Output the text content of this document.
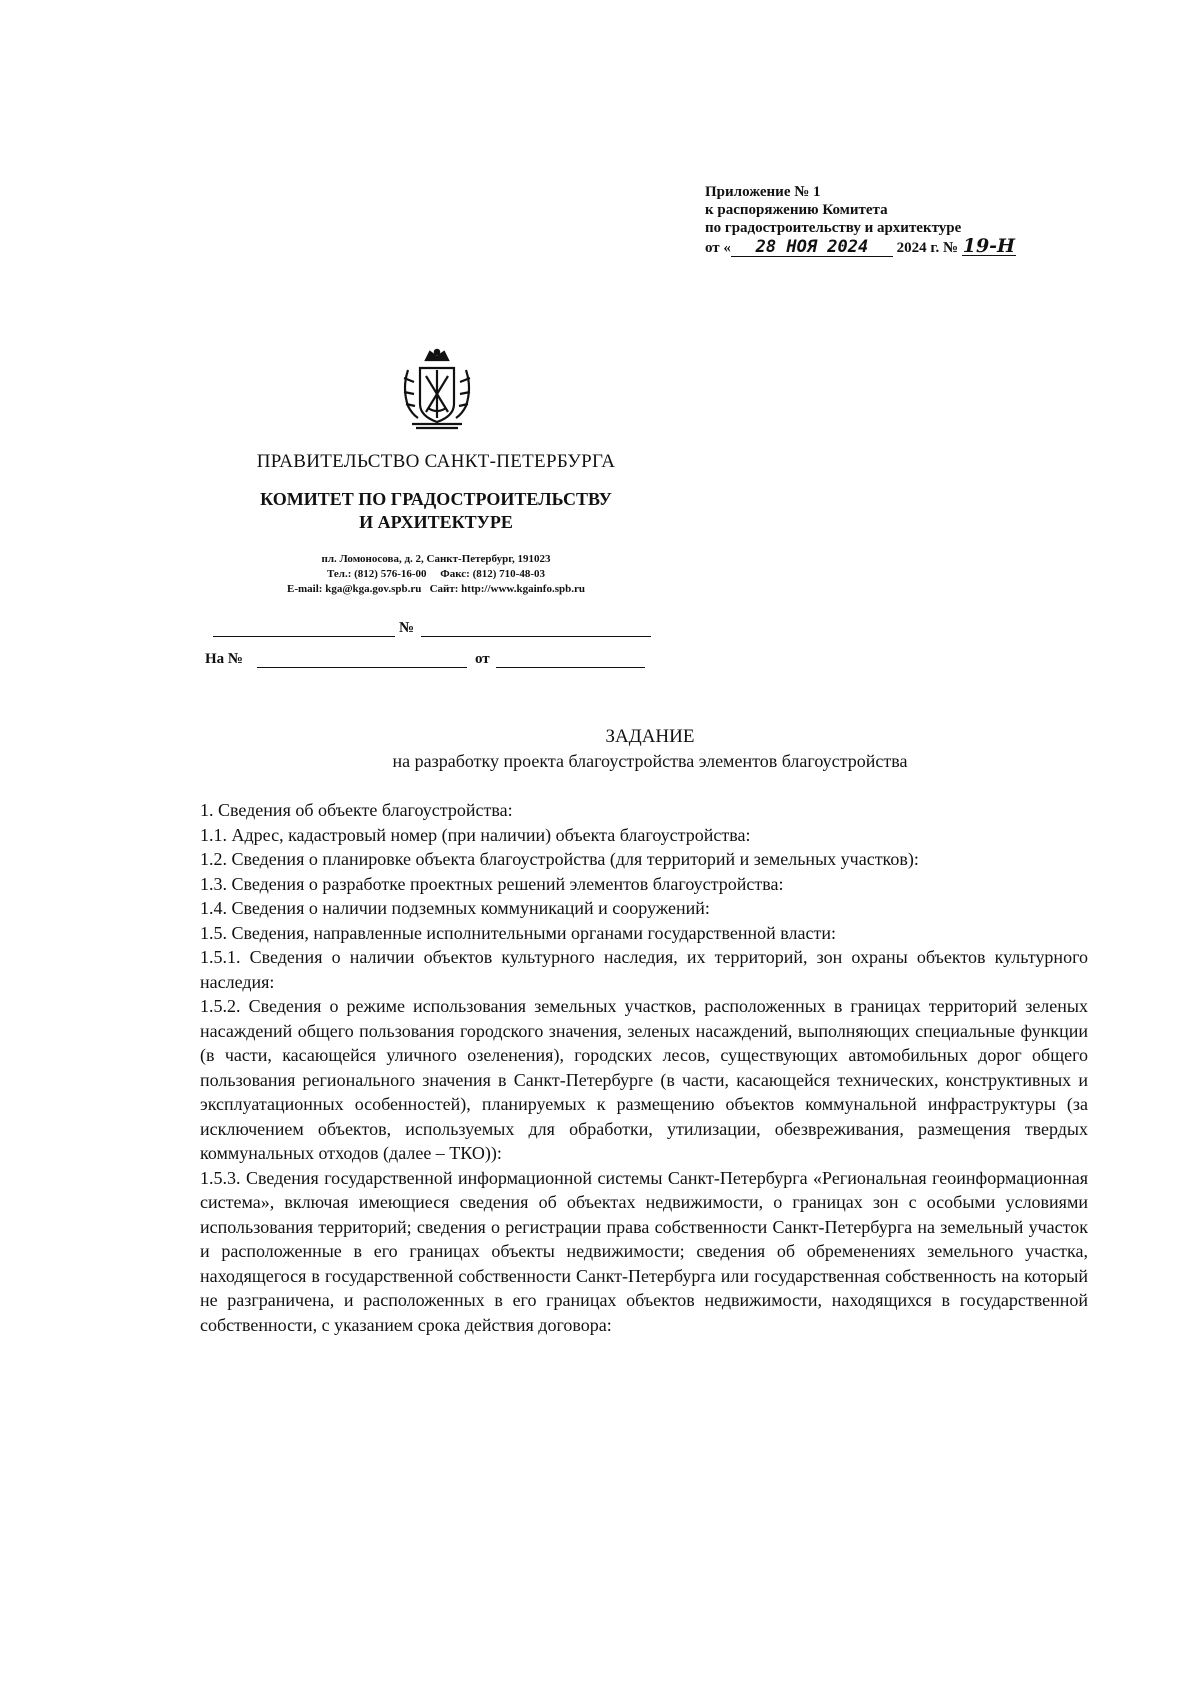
Приложение № 1
к распоряжению Комитета
по градостроительству и архитектуре
от « 28 НОЯ 2024 2024 г. № 19-Н
ПРАВИТЕЛЬСТВО САНКТ-ПЕТЕРБУРГА
КОМИТЕТ ПО ГРАДОСТРОИТЕЛЬСТВУ
И АРХИТЕКТУРЕ
пл. Ломоносова, д. 2, Санкт-Петербург, 191023
Тел.: (812) 576-16-00     Факс: (812) 710-48-03
E-mail: kga@kga.gov.spb.ru   Сайт: http://www.kgainfo.spb.ru
№
На №	от
ЗАДАНИЕ
на разработку проекта благоустройства элементов благоустройства

1. Сведения об объекте благоустройства:

1.1. Адрес, кадастровый номер (при наличии) объекта благоустройства:

1.2. Сведения о планировке объекта благоустройства (для территорий и земельных участков):

1.3. Сведения о разработке проектных решений элементов благоустройства:

1.4. Сведения о наличии подземных коммуникаций и сооружений:

1.5. Сведения, направленные исполнительными органами государственной власти:

1.5.1. Сведения о наличии объектов культурного наследия, их территорий, зон охраны объектов культурного наследия:

1.5.2. Сведения о режиме использования земельных участков, расположенных в границах территорий зеленых насаждений общего пользования городского значения, зеленых насаждений, выполняющих специальные функции (в части, касающейся уличного озеленения), городских лесов, существующих автомобильных дорог общего пользования регионального значения в Санкт-Петербурге (в части, касающейся технических, конструктивных и эксплуатационных особенностей), планируемых к размещению объектов коммунальной инфраструктуры (за исключением объектов, используемых для обработки, утилизации, обезвреживания, размещения твердых коммунальных отходов (далее – ТКО)):

1.5.3. Сведения государственной информационной системы Санкт-Петербурга «Региональная геоинформационная система», включая имеющиеся сведения об объектах недвижимости, о границах зон с особыми условиями использования территорий; сведения о регистрации права собственности Санкт-Петербурга на земельный участок и расположенные в его границах объекты недвижимости; сведения об обременениях земельного участка, находящегося в государственной собственности Санкт-Петербурга или государственная собственность на который не разграничена, и расположенных в его границах объектов недвижимости, находящихся в государственной собственности, с указанием срока действия договора:
